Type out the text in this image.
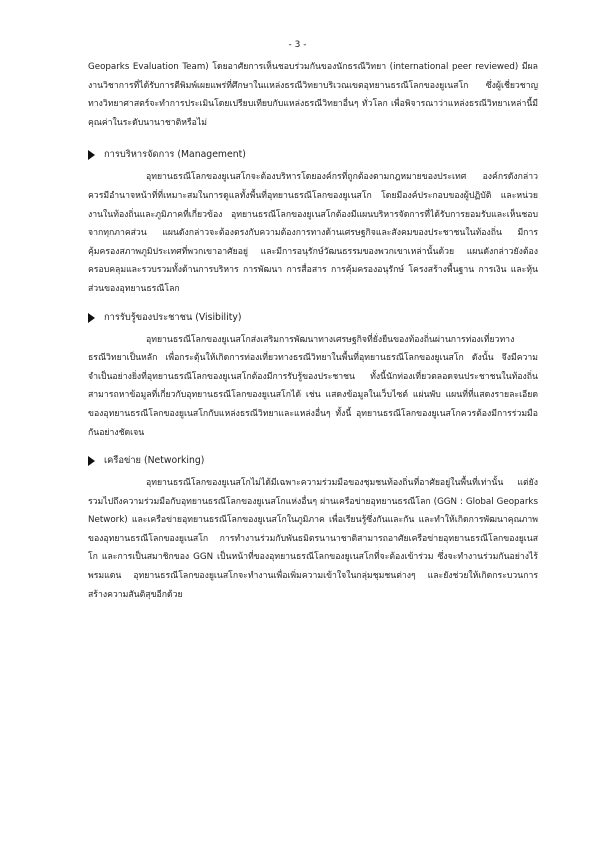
- 3 -

Geoparks Evaluation Team) โดยอาศัยการเห็นชอบร่วมกันของนักธรณีวิทยา (international peer reviewed) มีผลงานวิชาการที่ได้รับการตีพิมพ์เผยแพร่ที่ศึกษาในแหล่งธรณีวิทยาบริเวณเขตอุทยานธรณีโลกของยูเนสโก ซึ่งผู้เชี่ยวชาญทางวิทยาศาสตร์จะทำการประเมินโดยเปรียบเทียบกับแหล่งธรณีวิทยาอื่นๆ ทั่วโลก เพื่อพิจารณาว่าแหล่งธรณีวิทยาเหล่านี้มีคุณค่าในระดับนานาชาติหรือไม่

การบริหารจัดการ (Management)

อุทยานธรณีโลกของยูเนสโกจะต้องบริหารโดยองค์กรที่ถูกต้องตามกฎหมายของประเทศ องค์กรดังกล่าวควรมีอำนาจหน้าที่ที่เหมาะสมในการดูแลทั้งพื้นที่อุทยานธรณีโลกของยูเนสโก โดยมีองค์ประกอบของผู้ปฏิบัติ และหน่วยงานในท้องถิ่นและภูมิภาคที่เกี่ยวข้อง อุทยานธรณีโลกของยูเนสโกต้องมีแผนบริหารจัดการที่ได้รับการยอมรับและเห็นชอบจากทุกภาคส่วน แผนดังกล่าวจะต้องตรงกับความต้องการทางด้านเศรษฐกิจและสังคมของประชาชนในท้องถิ่น มีการคุ้มครองสภาพภูมิประเทศที่พวกเขาอาศัยอยู่ และมีการอนุรักษ์วัฒนธรรมของพวกเขาเหล่านั้นด้วย แผนดังกล่าวยังต้องครอบคลุมและรวบรวมทั้งด้านการบริหาร การพัฒนา การสื่อสาร การคุ้มครองอนุรักษ์ โครงสร้างพื้นฐาน การเงิน และหุ้นส่วนของอุทยานธรณีโลก

การรับรู้ของประชาชน (Visibility)

อุทยานธรณีโลกของยูเนสโกส่งเสริมการพัฒนาทางเศรษฐกิจที่ยั่งยืนของท้องถิ่นผ่านการท่องเที่ยวทางธรณีวิทยาเป็นหลัก เพื่อกระตุ้นให้เกิดการท่องเที่ยวทางธรณีวิทยาในพื้นที่อุทยานธรณีโลกของยูเนสโก ดังนั้น จึงมีความจำเป็นอย่างยิ่งที่อุทยานธรณีโลกของยูเนสโกต้องมีการรับรู้ของประชาชน ทั้งนี้นักท่องเที่ยวตลอดจนประชาชนในท้องถิ่นสามารถหาข้อมูลที่เกี่ยวกับอุทยานธรณีโลกของยูเนสโกได้ เช่น แสดงข้อมูลในเว็บไซต์ แผ่นพับ แผนที่ที่แสดงรายละเอียดของอุทยานธรณีโลกของยูเนสโกกับแหล่งธรณีวิทยาและแหล่งอื่นๆ ทั้งนี้ อุทยานธรณีโลกของยูเนสโกควรต้องมีการร่วมมือกันอย่างชัดเจน

เครือข่าย (Networking)

อุทยานธรณีโลกของยูเนสโกไม่ได้มีเฉพาะความร่วมมือของชุมชนท้องถิ่นที่อาศัยอยู่ในพื้นที่เท่านั้น แต่ยังรวมไปถึงความร่วมมือกับอุทยานธรณีโลกของยูเนสโกแห่งอื่นๆ ผ่านเครือข่ายอุทยานธรณีโลก (GGN : Global Geoparks Network) และเครือข่ายอุทยานธรณีโลกของยูเนสโกในภูมิภาค เพื่อเรียนรู้ซึ่งกันและกัน และทำให้เกิดการพัฒนาคุณภาพของอุทยานธรณีโลกของยูเนสโก การทำงานร่วมกับพันธมิตรนานาชาติสามารถอาศัยเครือข่ายอุทยานธรณีโลกของยูเนสโก และการเป็นสมาชิกของ GGN เป็นหน้าที่ของอุทยานธรณีโลกของยูเนสโกที่จะต้องเข้าร่วม ซึ่งจะทำงานร่วมกันอย่างไร้พรมแดน อุทยานธรณีโลกของยูเนสโกจะทำงานเพื่อเพิ่มความเข้าใจในกลุ่มชุมชนต่างๆ และยังช่วยให้เกิดกระบวนการสร้างความสันติสุขอีกด้วย
